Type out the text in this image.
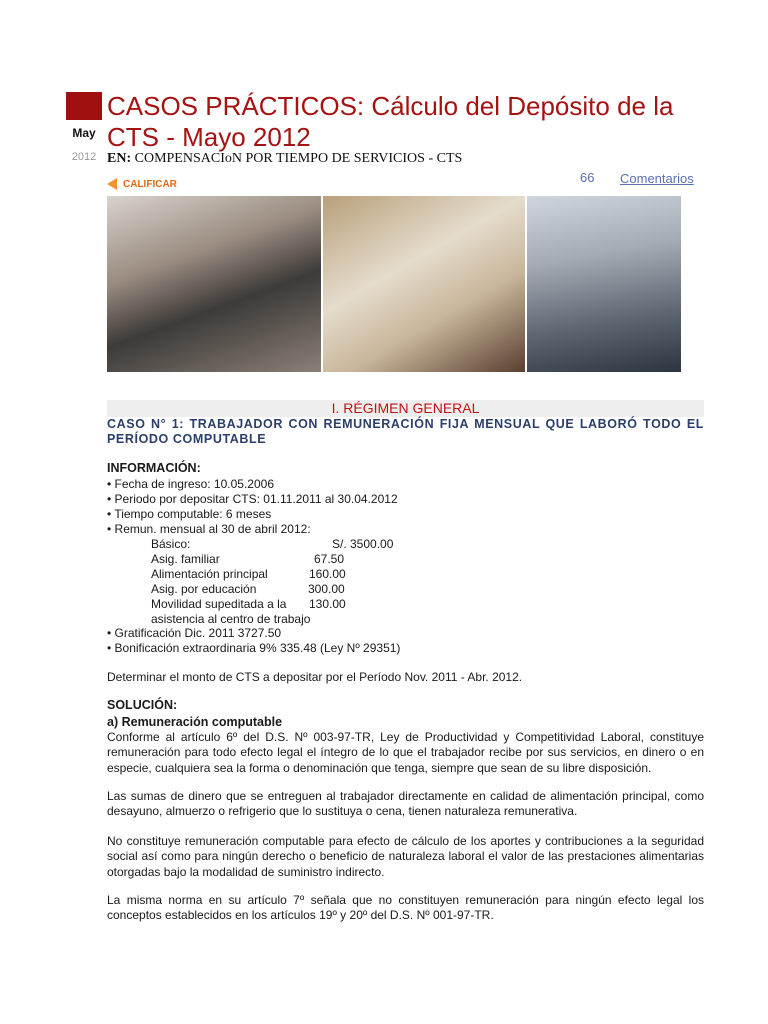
May
2012
CASOS PRÁCTICOS: Cálculo del Depósito de la CTS - Mayo 2012
EN: COMPENSACIoN POR TIEMPO DE SERVICIOS - CTS
CALIFICAR	66 Comentarios
I. RÉGIMEN GENERAL
CASO N° 1: TRABAJADOR CON REMUNERACIÓN FIJA MENSUAL QUE LABORÓ TODO EL PERÍODO COMPUTABLE
INFORMACIÓN:
• Fecha de ingreso: 10.05.2006
• Periodo por depositar CTS: 01.11.2011 al 30.04.2012
• Tiempo computable: 6 meses
• Remun. mensual al 30 de abril 2012:
Básico:	S/. 3500.00
Asig. familiar	67.50
Alimentación principal	160.00
Asig. por educación	300.00
Movilidad supeditada a la 130.00
asistencia al centro de trabajo
• Gratificación Dic. 2011 3727.50
• Bonificación extraordinaria 9% 335.48 (Ley Nº 29351)
Determinar el monto de CTS a depositar por el Período Nov. 2011 - Abr. 2012.
SOLUCIÓN:
a) Remuneración computable
Conforme al artículo 6º del D.S. Nº 003-97-TR, Ley de Productividad y Competitividad Laboral, constituye remuneración para todo efecto legal el íntegro de lo que el trabajador recibe por sus servicios, en dinero o en especie, cualquiera sea la forma o denominación que tenga, siempre que sean de su libre disposición.
Las sumas de dinero que se entreguen al trabajador directamente en calidad de alimentación principal, como desayuno, almuerzo o refrigerio que lo sustituya o cena, tienen naturaleza remunerativa.
No constituye remuneración computable para efecto de cálculo de los aportes y contribuciones a la seguridad social así como para ningún derecho o beneficio de naturaleza laboral el valor de las prestaciones alimentarias otorgadas bajo la modalidad de suministro indirecto.
La misma norma en su artículo 7º señala que no constituyen remuneración para ningún efecto legal los conceptos establecidos en los artículos 19º y 20º del D.S. Nº 001-97-TR.
